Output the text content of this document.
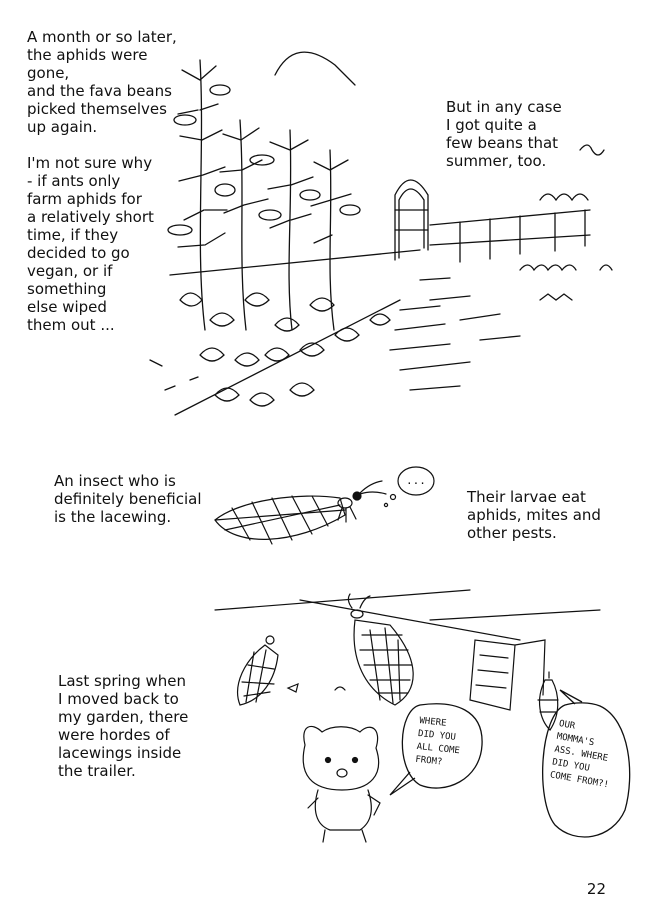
A month or so later,
the aphids were gone,
and the fava beans
picked themselves
up again.

I'm not sure why
- if ants only
farm aphids for
a relatively short
time, if they
decided to go
vegan, or if
something
else wiped
them out ...
But in any case
I got quite a
few beans that
summer, too.
An insect who is
definitely beneficial
is the lacewing.
Their larvae eat
aphids, mites and
other pests.
Last spring when
I moved back to
my garden, there
were hordes of
lacewings inside
the trailer.
...
WHERE
DID YOU
ALL COME
FROM?
OUR
MOMMA'S
ASS. WHERE
DID YOU
COME FROM?!
22
